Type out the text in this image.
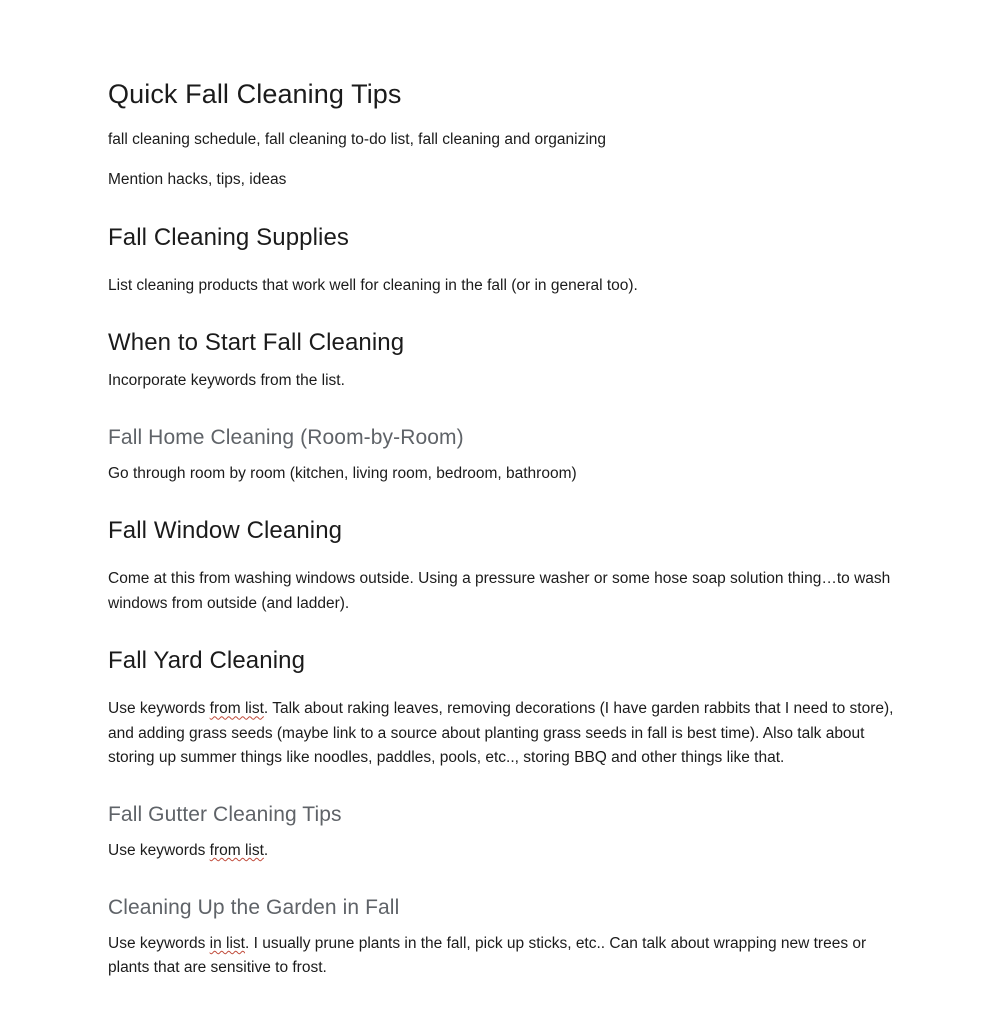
Quick Fall Cleaning Tips

fall cleaning schedule, fall cleaning to-do list, fall cleaning and organizing

Mention hacks, tips, ideas

Fall Cleaning Supplies

List cleaning products that work well for cleaning in the fall (or in general too).

When to Start Fall Cleaning

Incorporate keywords from the list.

Fall Home Cleaning (Room-by-Room)

Go through room by room (kitchen, living room, bedroom, bathroom)

Fall Window Cleaning

Come at this from washing windows outside. Using a pressure washer or some hose soap solution thing…to wash windows from outside (and ladder).

Fall Yard Cleaning

Use keywords from list. Talk about raking leaves, removing decorations (I have garden rabbits that I need to store), and adding grass seeds (maybe link to a source about planting grass seeds in fall is best time). Also talk about storing up summer things like noodles, paddles, pools, etc.., storing BBQ and other things like that.

Fall Gutter Cleaning Tips

Use keywords from list.

Cleaning Up the Garden in Fall

Use keywords in list. I usually prune plants in the fall, pick up sticks, etc.. Can talk about wrapping new trees or plants that are sensitive to frost.
